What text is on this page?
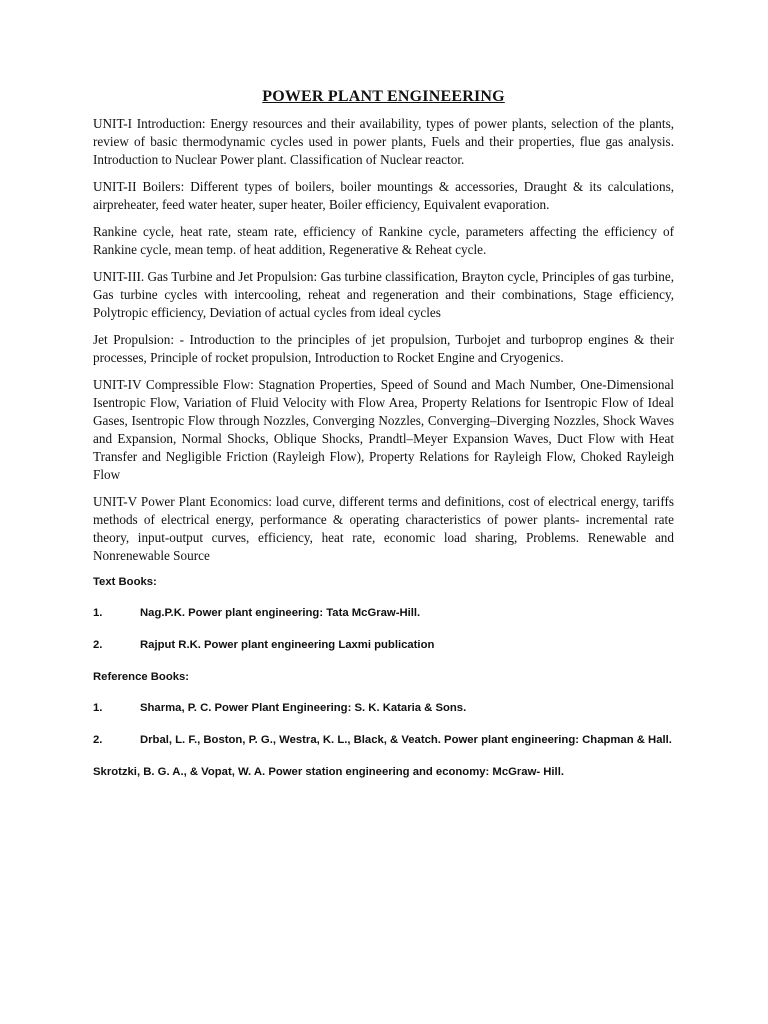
POWER PLANT ENGINEERING

UNIT-I Introduction: Energy resources and their availability, types of power plants, selection of the plants, review of basic thermodynamic cycles used in power plants, Fuels and their properties, flue gas analysis. Introduction to Nuclear Power plant. Classification of Nuclear reactor.

UNIT-II Boilers: Different types of boilers, boiler mountings & accessories, Draught & its calculations, airpreheater, feed water heater, super heater, Boiler efficiency, Equivalent evaporation.

Rankine cycle, heat rate, steam rate, efficiency of Rankine cycle, parameters affecting the efficiency of Rankine cycle, mean temp. of heat addition, Regenerative & Reheat cycle.

UNIT-III. Gas Turbine and Jet Propulsion: Gas turbine classification, Brayton cycle, Principles of gas turbine, Gas turbine cycles with intercooling, reheat and regeneration and their combinations, Stage efficiency, Polytropic efficiency, Deviation of actual cycles from ideal cycles

Jet Propulsion: - Introduction to the principles of jet propulsion, Turbojet and turboprop engines & their processes, Principle of rocket propulsion, Introduction to Rocket Engine and Cryogenics.

UNIT-IV Compressible Flow: Stagnation Properties, Speed of Sound and Mach Number, One-Dimensional Isentropic Flow, Variation of Fluid Velocity with Flow Area, Property Relations for Isentropic Flow of Ideal Gases, Isentropic Flow through Nozzles, Converging Nozzles, Converging–Diverging Nozzles, Shock Waves and Expansion, Normal Shocks, Oblique Shocks, Prandtl–Meyer Expansion Waves, Duct Flow with Heat Transfer and Negligible Friction (Rayleigh Flow), Property Relations for Rayleigh Flow, Choked Rayleigh Flow

UNIT-V Power Plant Economics: load curve, different terms and definitions, cost of electrical energy, tariffs methods of electrical energy, performance & operating characteristics of power plants- incremental rate theory, input-output curves, efficiency, heat rate, economic load sharing, Problems. Renewable and Nonrenewable Source

Text Books:

1.	Nag.P.K. Power plant engineering: Tata McGraw-Hill.
2.	Rajput R.K. Power plant engineering Laxmi publication

Reference Books:

1.	Sharma, P. C. Power Plant Engineering: S. K. Kataria & Sons.
2.	Drbal, L. F., Boston, P. G., Westra, K. L., Black, & Veatch. Power plant engineering: Chapman & Hall.

Skrotzki, B. G. A., & Vopat, W. A. Power station engineering and economy: McGraw- Hill.
